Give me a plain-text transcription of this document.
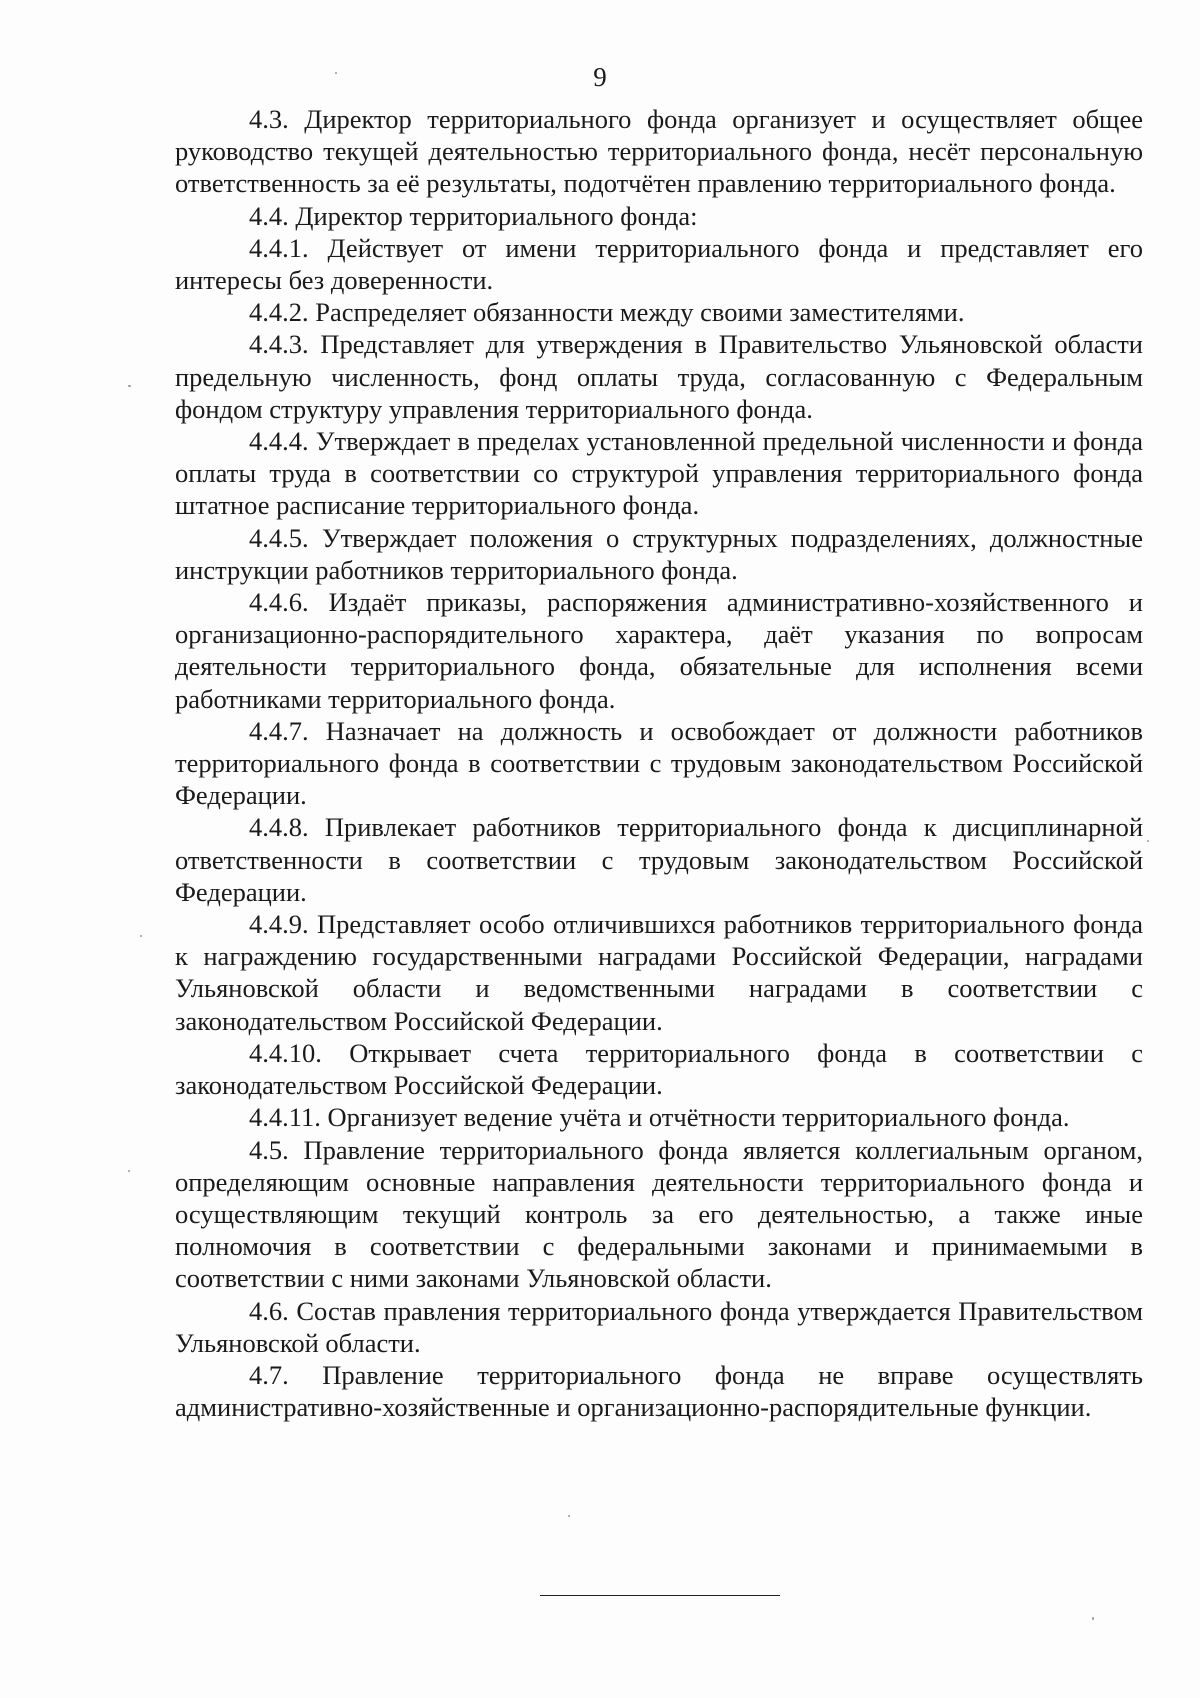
9

4.3. Директор территориального фонда организует и осуществляет общее руководство текущей деятельностью территориального фонда, несёт персональную ответственность за её результаты, подотчётен правлению территориального фонда.

4.4. Директор территориального фонда:

4.4.1. Действует от имени территориального фонда и представляет его интересы без доверенности.

4.4.2. Распределяет обязанности между своими заместителями.

4.4.3. Представляет для утверждения в Правительство Ульяновской области предельную численность, фонд оплаты труда, согласованную с Федеральным фондом структуру управления территориального фонда.

4.4.4. Утверждает в пределах установленной предельной численности и фонда оплаты труда в соответствии со структурой управления территориального фонда штатное расписание территориального фонда.

4.4.5. Утверждает положения о структурных подразделениях, должностные инструкции работников территориального фонда.

4.4.6. Издаёт приказы, распоряжения административно-хозяйственного и организационно-распорядительного характера, даёт указания по вопросам деятельности территориального фонда, обязательные для исполнения всеми работниками территориального фонда.

4.4.7. Назначает на должность и освобождает от должности работников территориального фонда в соответствии с трудовым законодательством Российской Федерации.

4.4.8. Привлекает работников территориального фонда к дисциплинарной ответственности в соответствии с трудовым законодательством Российской Федерации.

4.4.9. Представляет особо отличившихся работников территориального фонда к награждению государственными наградами Российской Федерации, наградами Ульяновской области и ведомственными наградами в соответствии с законодательством Российской Федерации.

4.4.10. Открывает счета территориального фонда в соответствии с законодательством Российской Федерации.

4.4.11. Организует ведение учёта и отчётности территориального фонда.

4.5. Правление территориального фонда является коллегиальным органом, определяющим основные направления деятельности территориального фонда и осуществляющим текущий контроль за его деятельностью, а также иные полномочия в соответствии с федеральными законами и принимаемыми в соответствии с ними законами Ульяновской области.

4.6. Состав правления территориального фонда утверждается Правительством Ульяновской области.

4.7. Правление территориального фонда не вправе осуществлять административно-хозяйственные и организационно-распорядительные функции.
